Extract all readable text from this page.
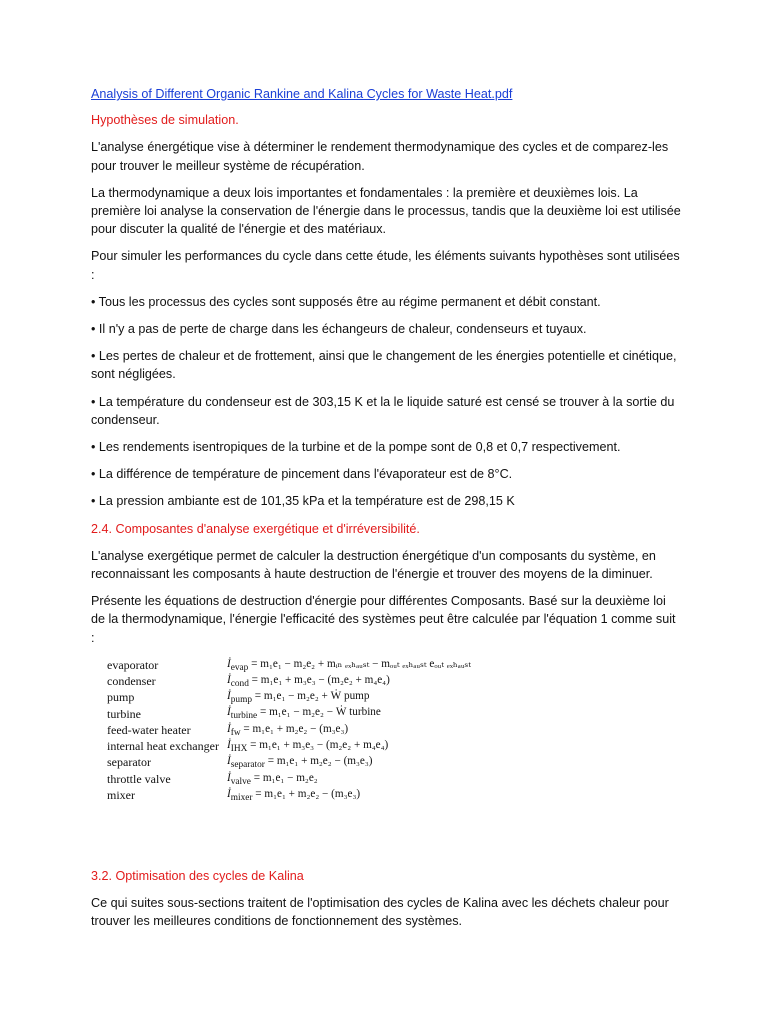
Analysis of Different Organic Rankine and Kalina Cycles for Waste Heat.pdf

Hypothèses de simulation.

L'analyse énergétique vise à déterminer le rendement thermodynamique des cycles et de comparez-les pour trouver le meilleur système de récupération.

La thermodynamique a deux lois importantes et fondamentales : la première et deuxièmes lois. La première loi analyse la conservation de l'énergie dans le processus, tandis que la deuxième loi est utilisée pour discuter la qualité de l'énergie et des matériaux.

Pour simuler les performances du cycle dans cette étude, les éléments suivants hypothèses sont utilisées :

• Tous les processus des cycles sont supposés être au régime permanent et débit constant.

• Il n'y a pas de perte de charge dans les échangeurs de chaleur, condenseurs et tuyaux.

• Les pertes de chaleur et de frottement, ainsi que le changement de les énergies potentielle et cinétique, sont négligées.

• La température du condenseur est de 303,15 K et la le liquide saturé est censé se trouver à la sortie du condenseur.

• Les rendements isentropiques de la turbine et de la pompe sont de 0,8 et 0,7 respectivement.

• La différence de température de pincement dans l'évaporateur est de 8°C.

• La pression ambiante est de 101,35 kPa et la température est de 298,15 K

2.4. Composantes d'analyse exergétique et d'irréversibilité.

L'analyse exergétique permet de calculer la destruction énergétique d'un composants du système, en reconnaissant les composants à haute destruction de l'énergie et trouver des moyens de la diminuer.

Présente les équations de destruction d'énergie pour différentes Composants. Basé sur la deuxième loi de la thermodynamique, l'énergie l'efficacité des systèmes peut être calculée par l'équation 1 comme suit :

evaporator	$İ_{evap} = m_1e_1 - m_2e_2$ + mᵢₙ ₑₓₕₐᵤₛₜ − mₒᵤₜ ₑₓₕₐᵤₛₜ eₒᵤₜ ₑₓₕₐᵤₛₜ
condenser	$İ_{cond} = m_1e_1 + m_3e_3 - (m_2e_2 + m_4e_4)$
pump	$İ_{pump} = m_1e_1 - m_2e_2$ + Ẇ pump
turbine	$İ_{turbine} = m_1e_1 - m_2e_2$ − Ẇ turbine
feed-water heater	$İ_{fw} = m_1e_1 + m_2e_2 - (m_3e_3)$
internal heat exchanger $İ_{IHX} = m_1e_1 + m_3e_3 - (m_2e_2 + m_4e_4)$
separator	$İ_{separator} = m_1e_1 + m_2e_2 - (m_3e_3)$
throttle valve	$İ_{valve} = m_1e_1 - m_2e_2$
mixer	$İ_{mixer} = m_1e_1 + m_2e_2 - (m_3e_3)$

3.2. Optimisation des cycles de Kalina

Ce qui suites sous-sections traitent de l'optimisation des cycles de Kalina avec les déchets chaleur pour trouver les meilleures conditions de fonctionnement des systèmes.
